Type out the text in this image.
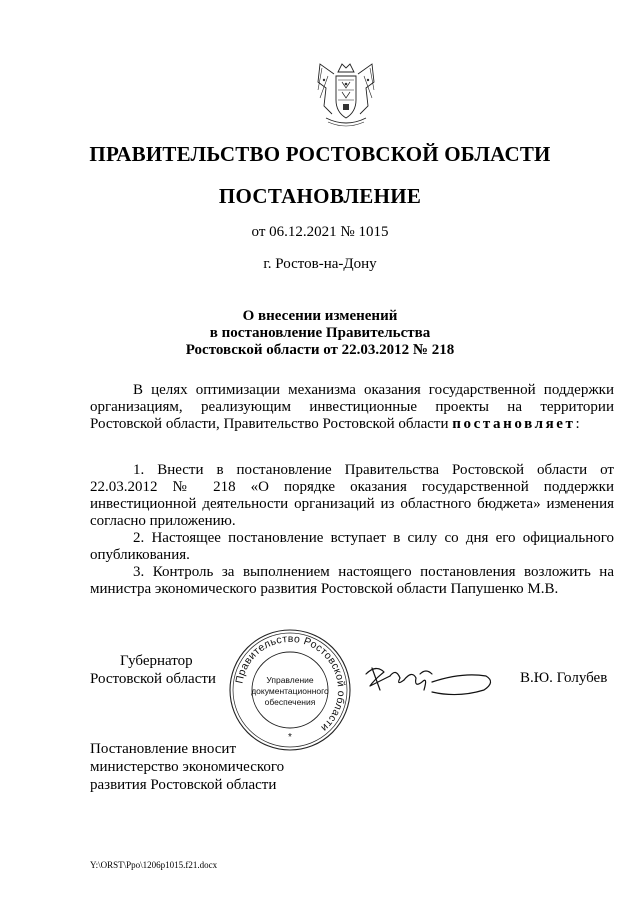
ПРАВИТЕЛЬСТВО РОСТОВСКОЙ ОБЛАСТИ
ПОСТАНОВЛЕНИЕ
от 06.12.2021 № 1015
г. Ростов-на-Дону
О внесении изменений
в постановление Правительства
Ростовской области от 22.03.2012 № 218

В целях оптимизации механизма оказания государственной поддержки организациям, реализующим инвестиционные проекты на территории Ростовской области, Правительство Ростовской области постановляет:

1. Внести в постановление Правительства Ростовской области от 22.03.2012 № 218 «О порядке оказания государственной поддержки инвестиционной деятельности организаций из областного бюджета» изменения согласно приложению.

2. Настоящее постановление вступает в силу со дня его официального опубликования.

3. Контроль за выполнением настоящего постановления возложить на министра экономического развития Ростовской области Папушенко М.В.

Губернатор
Ростовской области Правительство Ростовской области
Управление
документационного
обеспечения
*
В.Ю. Голубев
Постановление вносит
министерство экономического
развития Ростовской области
Y:\ORST\Ppo\1206p1015.f21.docx
